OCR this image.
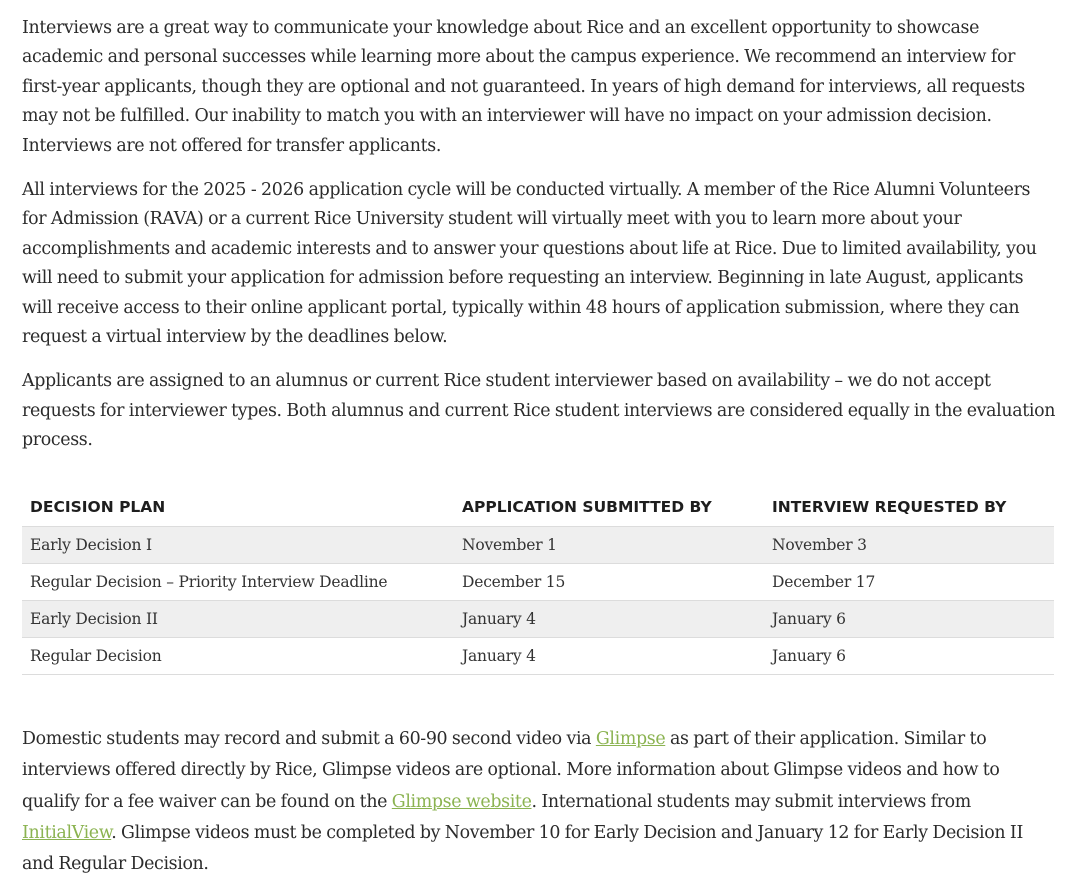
Interviews are a great way to communicate your knowledge about Rice and an excellent opportunity to showcase academic and personal successes while learning more about the campus experience. We recommend an interview for first-year applicants, though they are optional and not guaranteed. In years of high demand for interviews, all requests may not be fulfilled. Our inability to match you with an interviewer will have no impact on your admission decision. Interviews are not offered for transfer applicants.

All interviews for the 2025 - 2026 application cycle will be conducted virtually. A member of the Rice Alumni Volunteers for Admission (RAVA) or a current Rice University student will virtually meet with you to learn more about your accomplishments and academic interests and to answer your questions about life at Rice. Due to limited availability, you will need to submit your application for admission before requesting an interview. Beginning in late August, applicants will receive access to their online applicant portal, typically within 48 hours of application submission, where they can request a virtual interview by the deadlines below.

Applicants are assigned to an alumnus or current Rice student interviewer based on availability – we do not accept requests for interviewer types. Both alumnus and current Rice student interviews are considered equally in the evaluation process.

DECISION PLAN	APPLICATION SUBMITTED BY	INTERVIEW REQUESTED BY
Early Decision I	November 1	November 3
Regular Decision – Priority Interview Deadline	December 15	December 17
Early Decision II	January 4	January 6
Regular Decision	January 4	January 6

Domestic students may record and submit a 60-90 second video via Glimpse as part of their application. Similar to interviews offered directly by Rice, Glimpse videos are optional. More information about Glimpse videos and how to qualify for a fee waiver can be found on the Glimpse website. International students may submit interviews from InitialView. Glimpse videos must be completed by November 10 for Early Decision and January 12 for Early Decision II and Regular Decision.
